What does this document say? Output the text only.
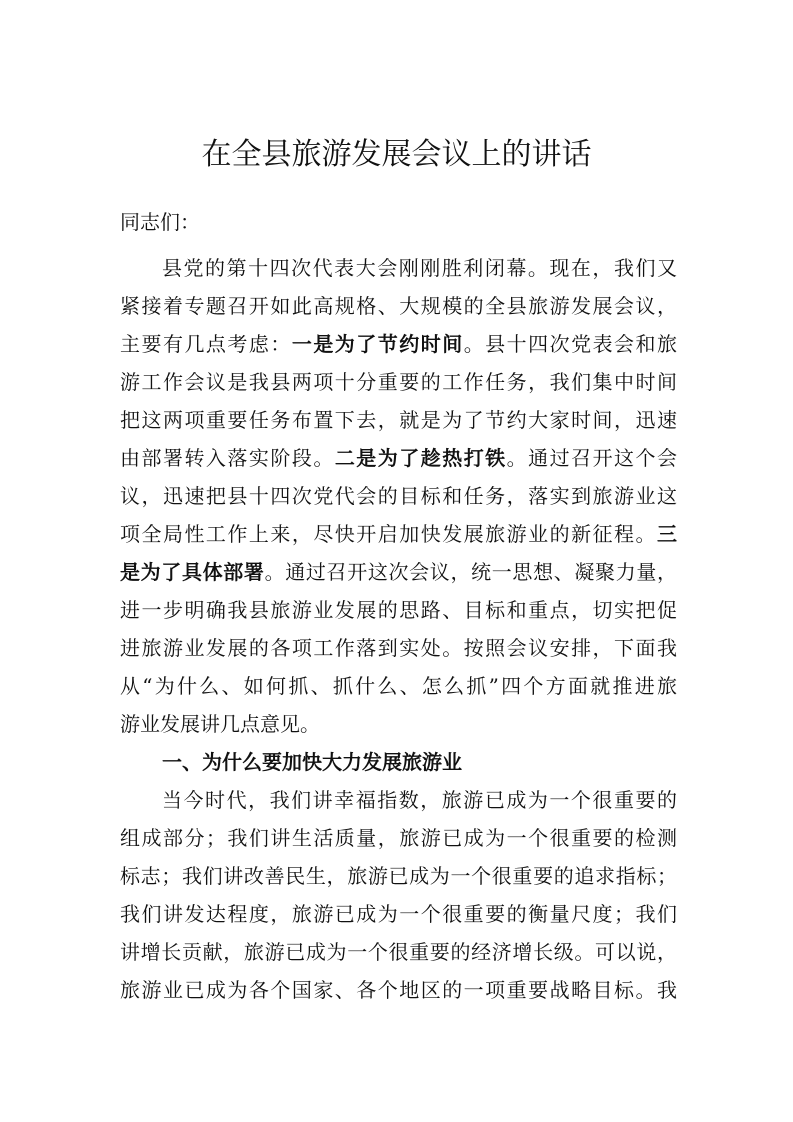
在全县旅游发展会议上的讲话
同志们：
县党的第十四次代表大会刚刚胜利闭幕。现在，我们又
紧接着专题召开如此高规格、大规模的全县旅游发展会议，
主要有几点考虑：一是为了节约时间。县十四次党表会和旅
游工作会议是我县两项十分重要的工作任务，我们集中时间
把这两项重要任务布置下去，就是为了节约大家时间，迅速
由部署转入落实阶段。二是为了趁热打铁。通过召开这个会
议，迅速把县十四次党代会的目标和任务，落实到旅游业这
项全局性工作上来，尽快开启加快发展旅游业的新征程。三
是为了具体部署。通过召开这次会议，统一思想、凝聚力量，
进一步明确我县旅游业发展的思路、目标和重点，切实把促
进旅游业发展的各项工作落到实处。按照会议安排，下面我
从“为什么、如何抓、抓什么、怎么抓”四个方面就推进旅
游业发展讲几点意见。
一、为什么要加快大力发展旅游业
当今时代，我们讲幸福指数，旅游已成为一个很重要的
组成部分；我们讲生活质量，旅游已成为一个很重要的检测
标志；我们讲改善民生，旅游已成为一个很重要的追求指标；
我们讲发达程度，旅游已成为一个很重要的衡量尺度；我们
讲增长贡献，旅游已成为一个很重要的经济增长级。可以说，
旅游业已成为各个国家、各个地区的一项重要战略目标。我
